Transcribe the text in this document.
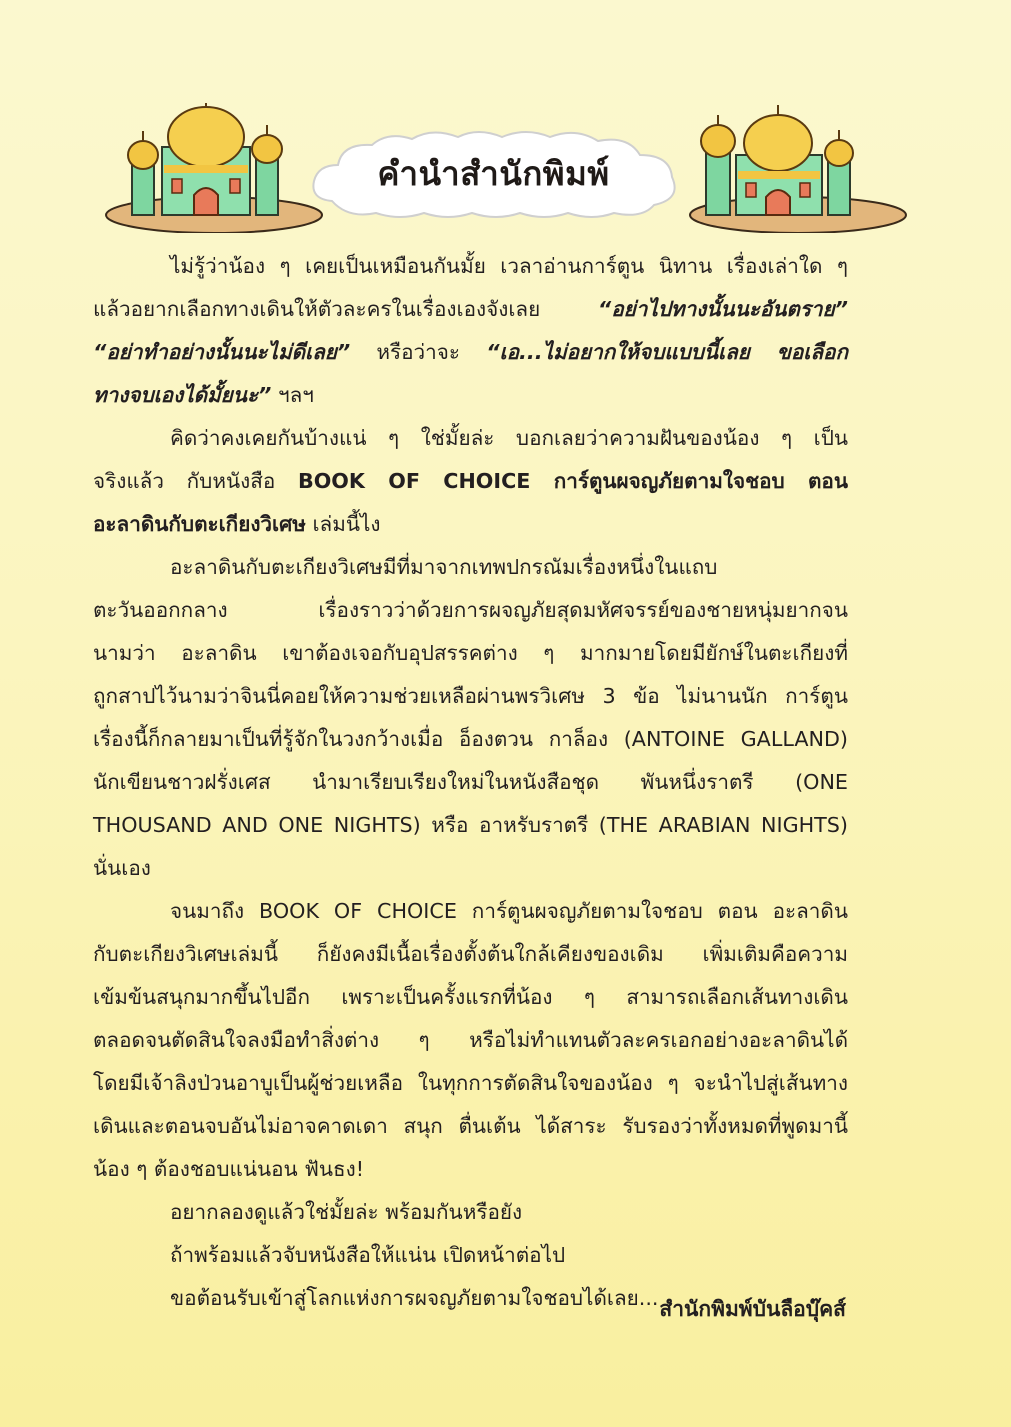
คำนำสำนักพิมพ์
ไม่รู้ว่าน้อง ๆ เคยเป็นเหมือนกันมั้ย เวลาอ่านการ์ตูน นิทาน เรื่องเล่าใด ๆ
แล้วอยากเลือกทางเดินให้ตัวละครในเรื่องเองจังเลย “อย่าไปทางนั้นนะอันตราย”
“อย่าทำอย่างนั้นนะไม่ดีเลย” หรือว่าจะ “เอ...ไม่อยากให้จบแบบนี้เลย ขอเลือก
ทางจบเองได้มั้ยนะ” ฯลฯ
คิดว่าคงเคยกันบ้างแน่ ๆ ใช่มั้ยล่ะ บอกเลยว่าความฝันของน้อง ๆ เป็น
จริงแล้ว กับหนังสือ BOOK OF CHOICE การ์ตูนผจญภัยตามใจชอบ ตอน
อะลาดินกับตะเกียงวิเศษ เล่มนี้ไง
อะลาดินกับตะเกียงวิเศษมีที่มาจากเทพปกรณัมเรื่องหนึ่งในแถบ
ตะวันออกกลาง เรื่องราวว่าด้วยการผจญภัยสุดมหัศจรรย์ของชายหนุ่มยากจน
นามว่า อะลาดิน เขาต้องเจอกับอุปสรรคต่าง ๆ มากมายโดยมียักษ์ในตะเกียงที่
ถูกสาปไว้นามว่าจินนี่คอยให้ความช่วยเหลือผ่านพรวิเศษ 3 ข้อ ไม่นานนัก การ์ตูน
เรื่องนี้ก็กลายมาเป็นที่รู้จักในวงกว้างเมื่อ อ็องตวน กาล็อง (ANTOINE GALLAND)
นักเขียนชาวฝรั่งเศส นำมาเรียบเรียงใหม่ในหนังสือชุด พันหนึ่งราตรี (ONE
THOUSAND AND ONE NIGHTS) หรือ อาหรับราตรี (THE ARABIAN NIGHTS)
นั่นเอง
จนมาถึง BOOK OF CHOICE การ์ตูนผจญภัยตามใจชอบ ตอน อะลาดิน
กับตะเกียงวิเศษเล่มนี้ ก็ยังคงมีเนื้อเรื่องตั้งต้นใกล้เคียงของเดิม เพิ่มเติมคือความ
เข้มข้นสนุกมากขึ้นไปอีก เพราะเป็นครั้งแรกที่น้อง ๆ สามารถเลือกเส้นทางเดิน
ตลอดจนตัดสินใจลงมือทำสิ่งต่าง ๆ หรือไม่ทำแทนตัวละครเอกอย่างอะลาดินได้
โดยมีเจ้าลิงป่วนอาบูเป็นผู้ช่วยเหลือ ในทุกการตัดสินใจของน้อง ๆ จะนำไปสู่เส้นทาง
เดินและตอนจบอันไม่อาจคาดเดา สนุก ตื่นเต้น ได้สาระ รับรองว่าทั้งหมดที่พูดมานี้
น้อง ๆ ต้องชอบแน่นอน ฟันธง!
อยากลองดูแล้วใช่มั้ยล่ะ พร้อมกันหรือยัง
ถ้าพร้อมแล้วจับหนังสือให้แน่น เปิดหน้าต่อไป
ขอต้อนรับเข้าสู่โลกแห่งการผจญภัยตามใจชอบได้เลย... สำนักพิมพ์บันลือบุ๊คส์
